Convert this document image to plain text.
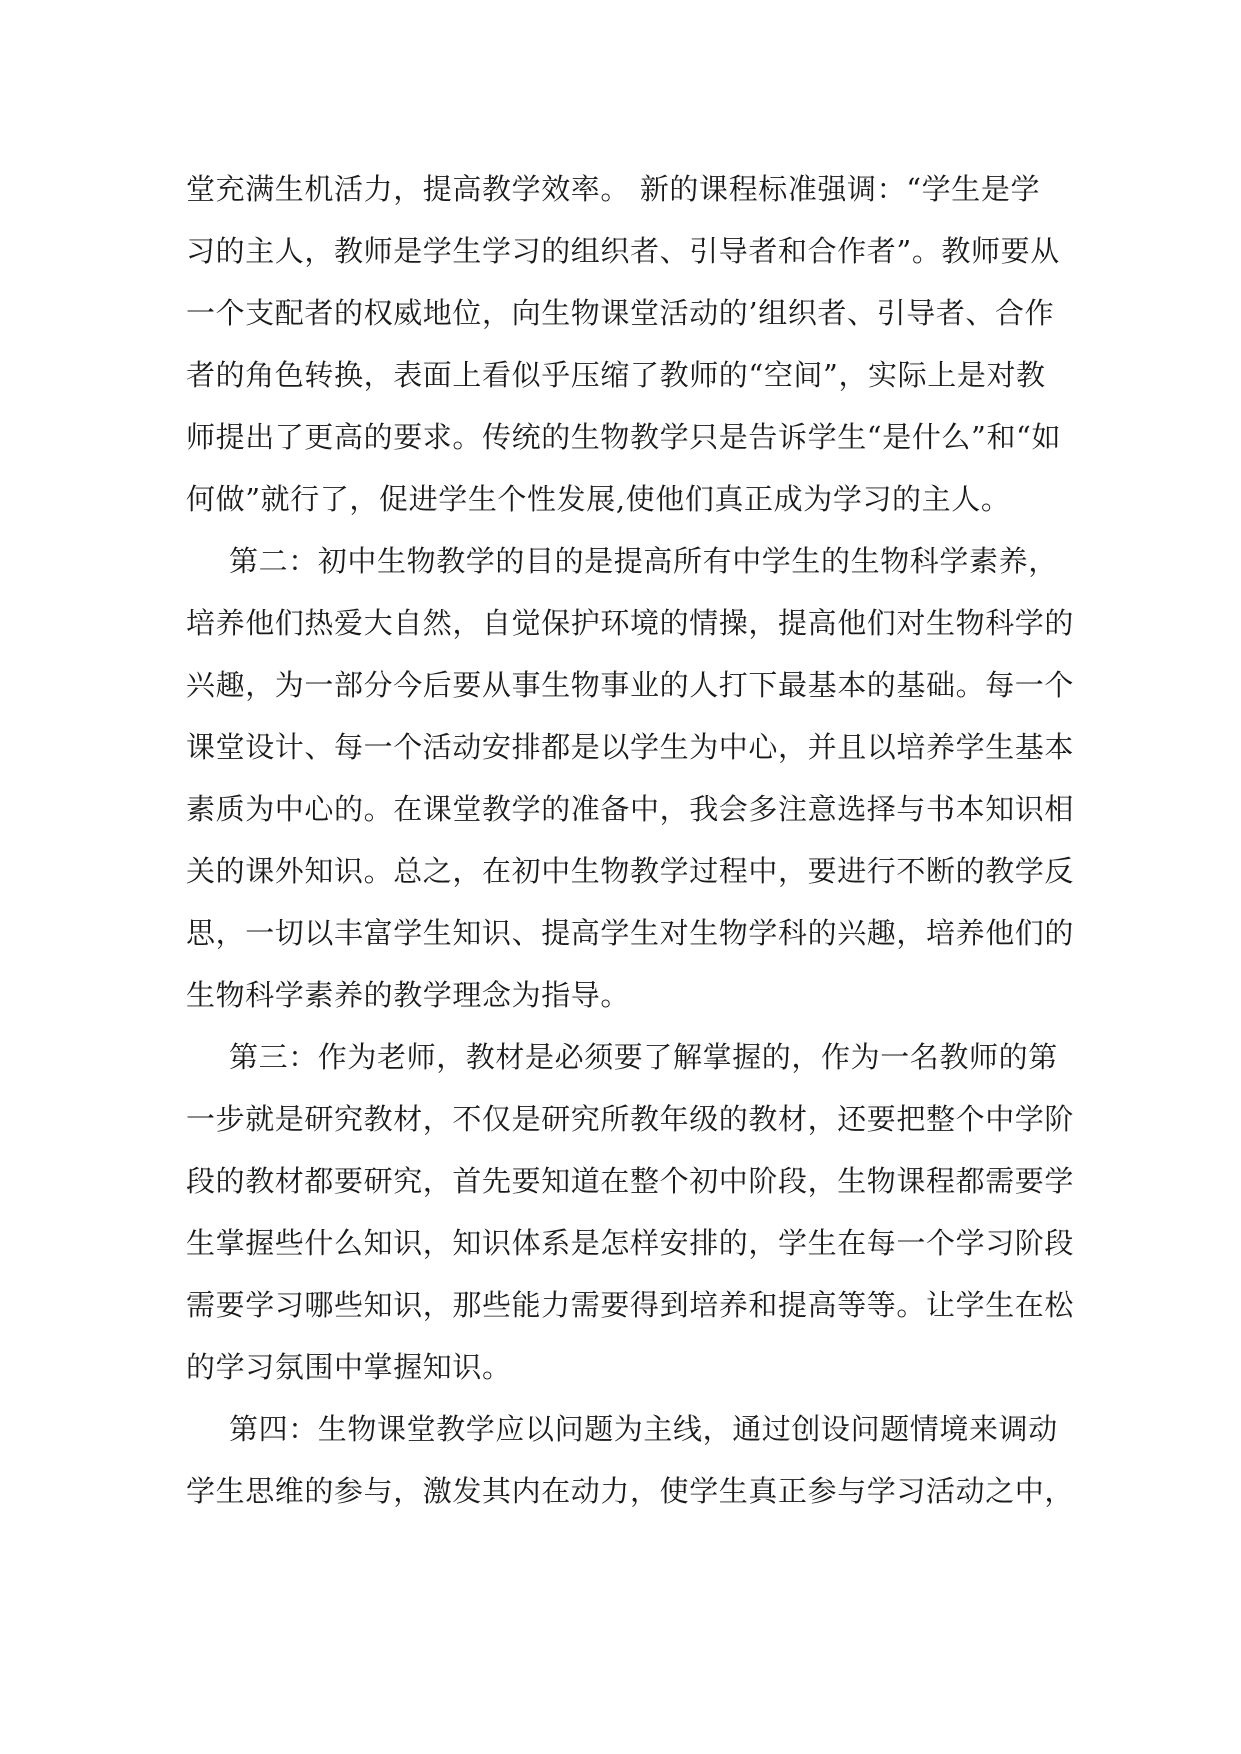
堂充满生机活力，提高教学效率。 新的课程标准强调：“学生是学
习的主人，教师是学生学习的组织者、引导者和合作者”。教师要从
一个支配者的权威地位，向生物课堂活动的’组织者、引导者、合作
者的角色转换，表面上看似乎压缩了教师的“空间”，实际上是对教
师提出了更高的要求。传统的生物教学只是告诉学生“是什么”和“如
何做”就行了，促进学生个性发展,使他们真正成为学习的主人。
第二：初中生物教学的目的是提高所有中学生的生物科学素养，
培养他们热爱大自然，自觉保护环境的情操，提高他们对生物科学的
兴趣，为一部分今后要从事生物事业的人打下最基本的基础。每一个
课堂设计、每一个活动安排都是以学生为中心，并且以培养学生基本
素质为中心的。在课堂教学的准备中，我会多注意选择与书本知识相
关的课外知识。总之，在初中生物教学过程中，要进行不断的教学反
思，一切以丰富学生知识、提高学生对生物学科的兴趣，培养他们的
生物科学素养的教学理念为指导。
第三：作为老师，教材是必须要了解掌握的，作为一名教师的第
一步就是研究教材，不仅是研究所教年级的教材，还要把整个中学阶
段的教材都要研究，首先要知道在整个初中阶段，生物课程都需要学
生掌握些什么知识，知识体系是怎样安排的，学生在每一个学习阶段
需要学习哪些知识，那些能力需要得到培养和提高等等。让学生在松
的学习氛围中掌握知识。
第四：生物课堂教学应以问题为主线，通过创设问题情境来调动
学生思维的参与，激发其内在动力，使学生真正参与学习活动之中，
